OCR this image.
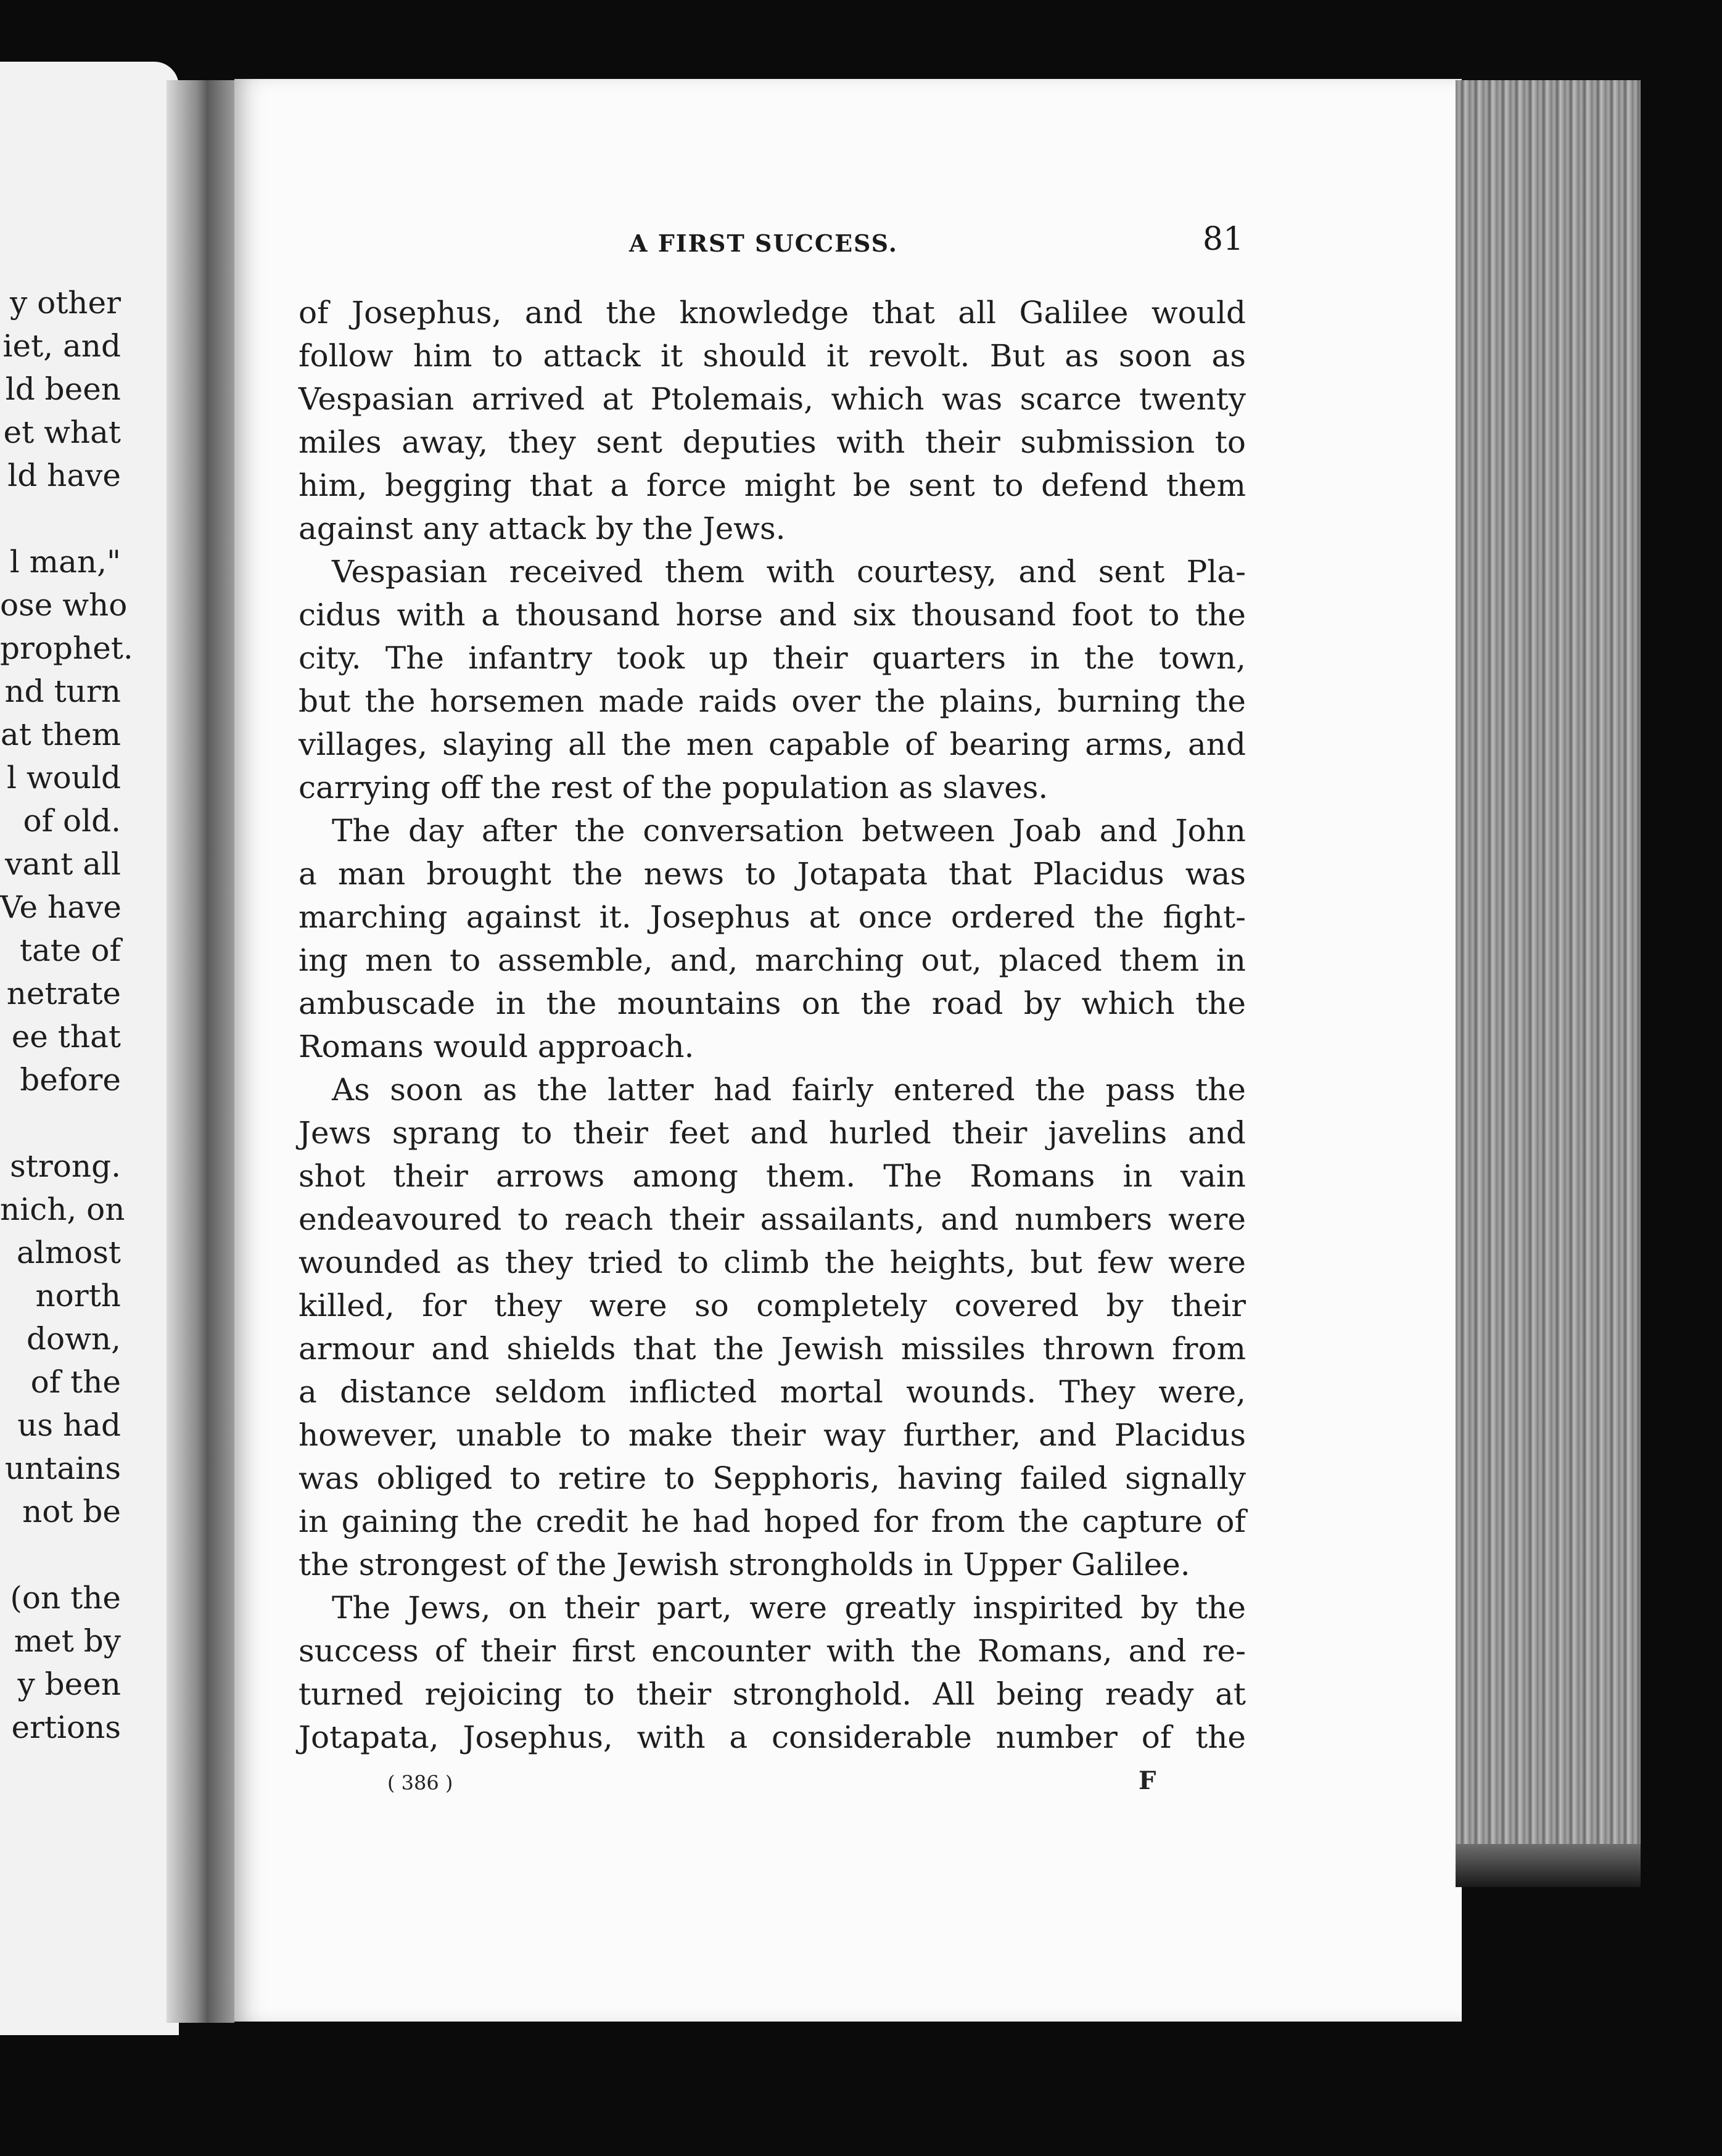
y other
iet, and
ld been
et what
ld have
l man,"
ose who
prophet.
nd turn
at them
l would
of old.
vant all
Ve have
tate of
netrate
ee that
before
strong.
nich, on
almost
north
down,
of the
us had
untains
not be
(on the
met by
y been
ertions
A FIRST SUCCESS.	81
of Josephus, and the knowledge that all Galilee would
follow him to attack it should it revolt. But as soon as
Vespasian arrived at Ptolemais, which was scarce twenty
miles away, they sent deputies with their submission to
him, begging that a force might be sent to defend them
against any attack by the Jews.
Vespasian received them with courtesy, and sent Pla-
cidus with a thousand horse and six thousand foot to the
city. The infantry took up their quarters in the town,
but the horsemen made raids over the plains, burning the
villages, slaying all the men capable of bearing arms, and
carrying off the rest of the population as slaves.
The day after the conversation between Joab and John
a man brought the news to Jotapata that Placidus was
marching against it. Josephus at once ordered the fight-
ing men to assemble, and, marching out, placed them in
ambuscade in the mountains on the road by which the
Romans would approach.
As soon as the latter had fairly entered the pass the
Jews sprang to their feet and hurled their javelins and
shot their arrows among them. The Romans in vain
endeavoured to reach their assailants, and numbers were
wounded as they tried to climb the heights, but few were
killed, for they were so completely covered by their
armour and shields that the Jewish missiles thrown from
a distance seldom inflicted mortal wounds. They were,
however, unable to make their way further, and Placidus
was obliged to retire to Sepphoris, having failed signally
in gaining the credit he had hoped for from the capture of
the strongest of the Jewish strongholds in Upper Galilee.
The Jews, on their part, were greatly inspirited by the
success of their first encounter with the Romans, and re-
turned rejoicing to their stronghold. All being ready at
Jotapata, Josephus, with a considerable number of the
( 386 )	F
